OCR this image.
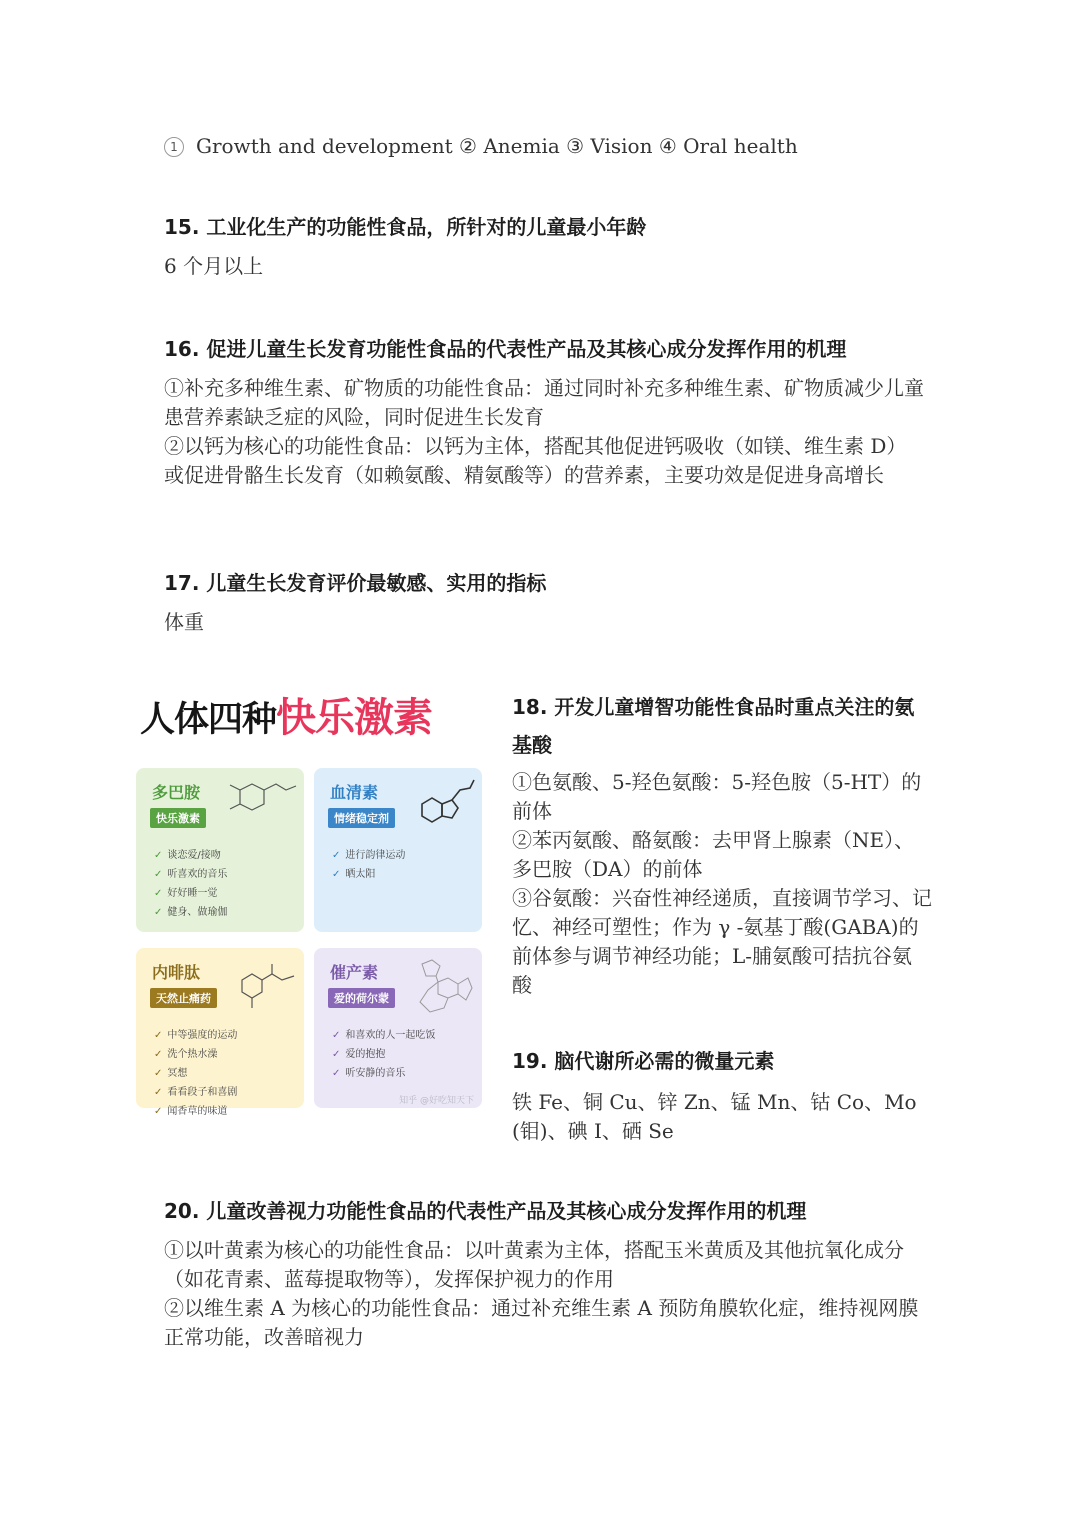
1 Growth and development ② Anemia ③ Vision ④ Oral health
15. 工业化生产的功能性食品，所针对的儿童最小年龄
6 个月以上
16. 促进儿童生长发育功能性食品的代表性产品及其核心成分发挥作用的机理

①补充多种维生素、矿物质的功能性食品：通过同时补充多种维生素、矿物质减少儿童患营养素缺乏症的风险，同时促进生长发育

②以钙为核心的功能性食品：以钙为主体，搭配其他促进钙吸收（如镁、维生素 D）或促进骨骼生长发育（如赖氨酸、精氨酸等）的营养素，主要功效是促进身高增长

17. 儿童生长发育评价最敏感、实用的指标
体重
人体四种快乐激素
多巴胺
快乐激素
✓ 谈恋爱/接吻
✓ 听喜欢的音乐
✓ 好好睡一觉
✓ 健身、做瑜伽
血清素
情绪稳定剂
✓ 进行韵律运动
✓ 晒太阳
内啡肽
天然止痛药
✓ 中等强度的运动
✓ 洗个热水澡
✓ 冥想
✓ 看看段子和喜剧
✓ 闻香草的味道
催产素
爱的荷尔蒙
✓ 和喜欢的人一起吃饭
✓ 爱的抱抱
✓ 听安静的音乐
知乎 @好吃知天下
18. 开发儿童增智功能性食品时重点关注的氨基酸

①色氨酸、5-羟色氨酸：5-羟色胺（5-HT）的前体

②苯丙氨酸、酪氨酸：去甲肾上腺素（NE）、多巴胺（DA）的前体

③谷氨酸：兴奋性神经递质，直接调节学习、记忆、神经可塑性；作为 γ -氨基丁酸(GABA)的前体参与调节神经功能；L-脯氨酸可拮抗谷氨酸

19. 脑代谢所必需的微量元素
铁 Fe、铜 Cu、锌 Zn、锰 Mn、钴 Co、Mo (钼)、碘 I、硒 Se
20. 儿童改善视力功能性食品的代表性产品及其核心成分发挥作用的机理

①以叶黄素为核心的功能性食品：以叶黄素为主体，搭配玉米黄质及其他抗氧化成分（如花青素、蓝莓提取物等），发挥保护视力的作用

②以维生素 A 为核心的功能性食品：通过补充维生素 A 预防角膜软化症，维持视网膜正常功能，改善暗视力
